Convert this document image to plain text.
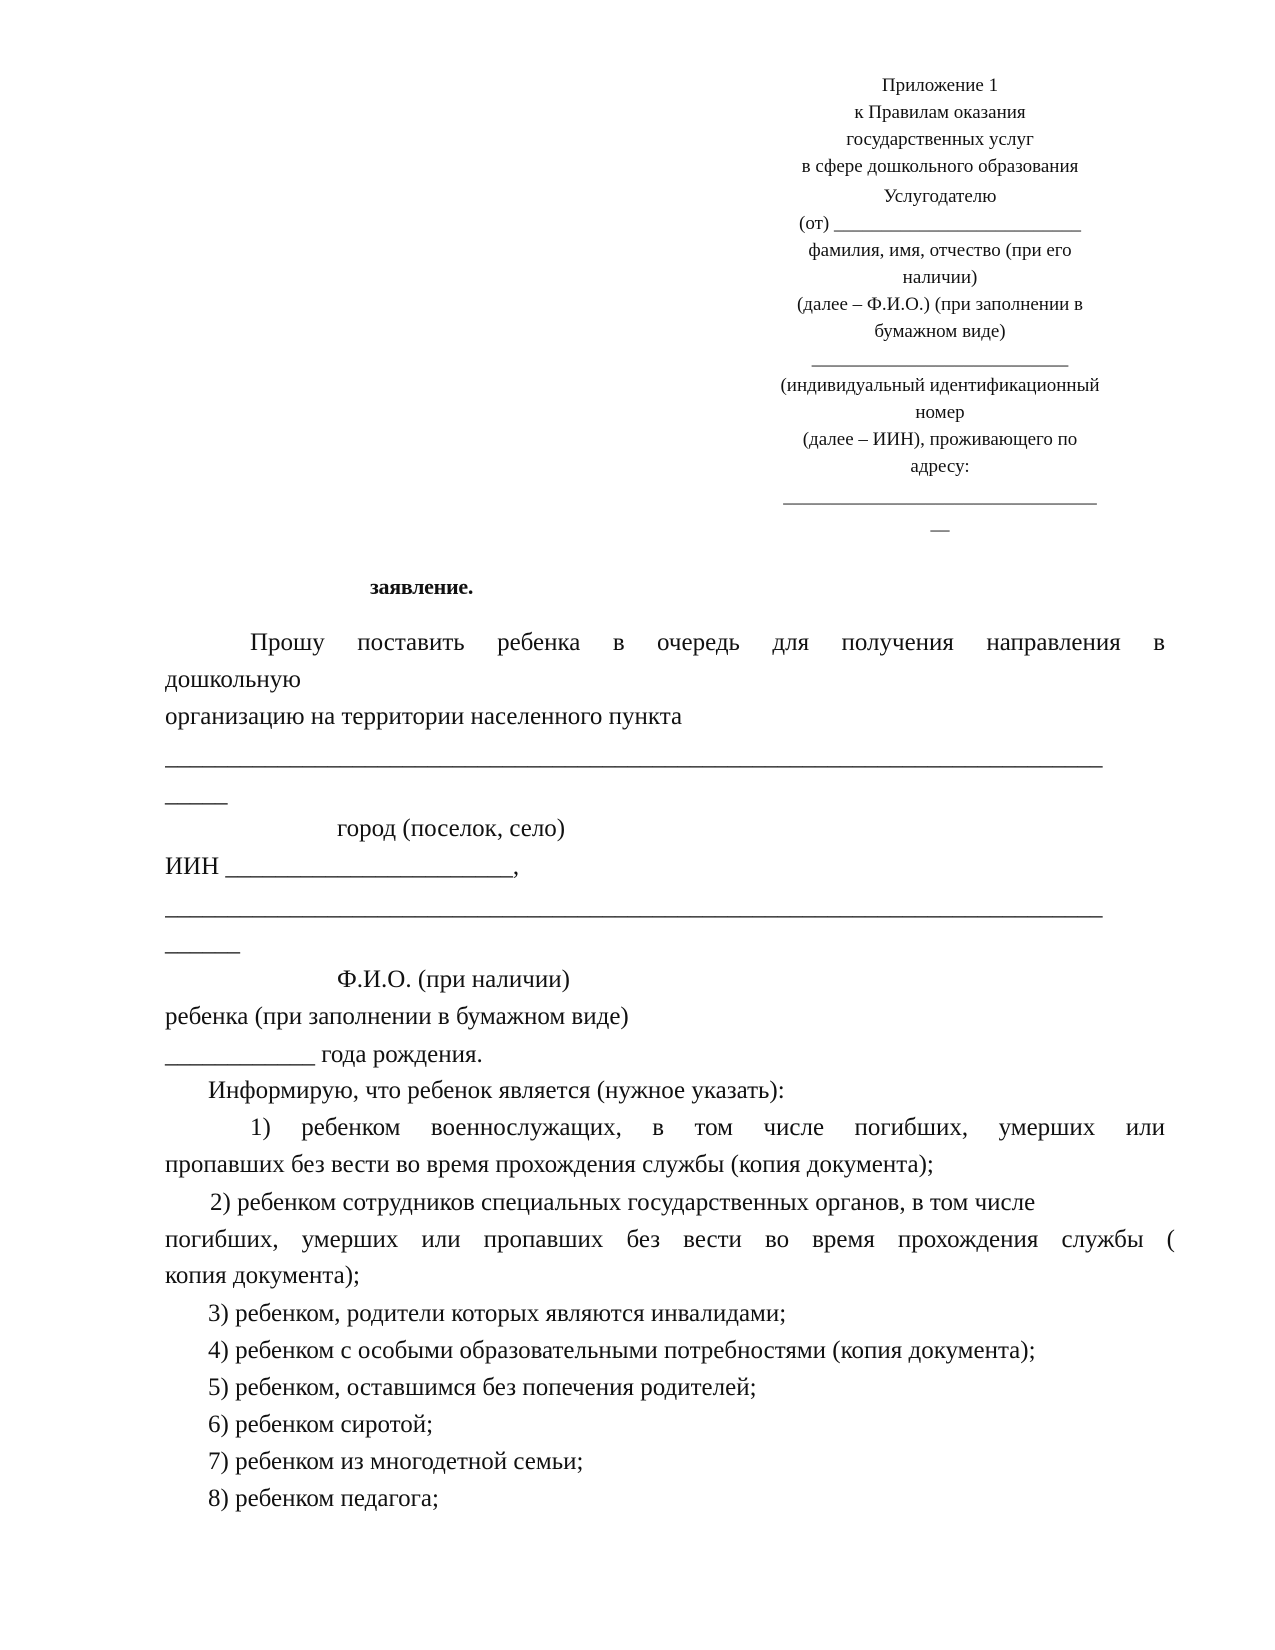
Приложение 1
к Правилам оказания
государственных услуг
в сфере дошкольного образования
Услугодателю
(от) __________________________
фамилия, имя, отчество (при его
наличии)
(далее – Ф.И.О.) (при заполнении в
бумажном виде)
___________________________
(индивидуальный идентификационный
номер
(далее – ИИН), проживающего по
адресу:
_________________________________
__
заявление.
Прошу поставить ребенка в очередь для получения направления в
дошкольную
организацию на территории населенного пункта
___________________________________________________________________________
_____
город (поселок, село)
ИИН _______________________,
___________________________________________________________________________
______
Ф.И.О. (при наличии)
ребенка (при заполнении в бумажном виде)
____________ года рождения.
Информирую, что ребенок является (нужное указать):
1) ребенком военнослужащих, в том числе погибших, умерших или
пропавших без вести во время прохождения службы (копия документа);
2) ребенком сотрудников специальных государственных органов, в том числе
погибших, умерших или пропавших без вести во время прохождения службы (
копия документа);
3) ребенком, родители которых являются инвалидами;
4) ребенком с особыми образовательными потребностями (копия документа);
5) ребенком, оставшимся без попечения родителей;
6) ребенком сиротой;
7) ребенком из многодетной семьи;
8) ребенком педагога;
